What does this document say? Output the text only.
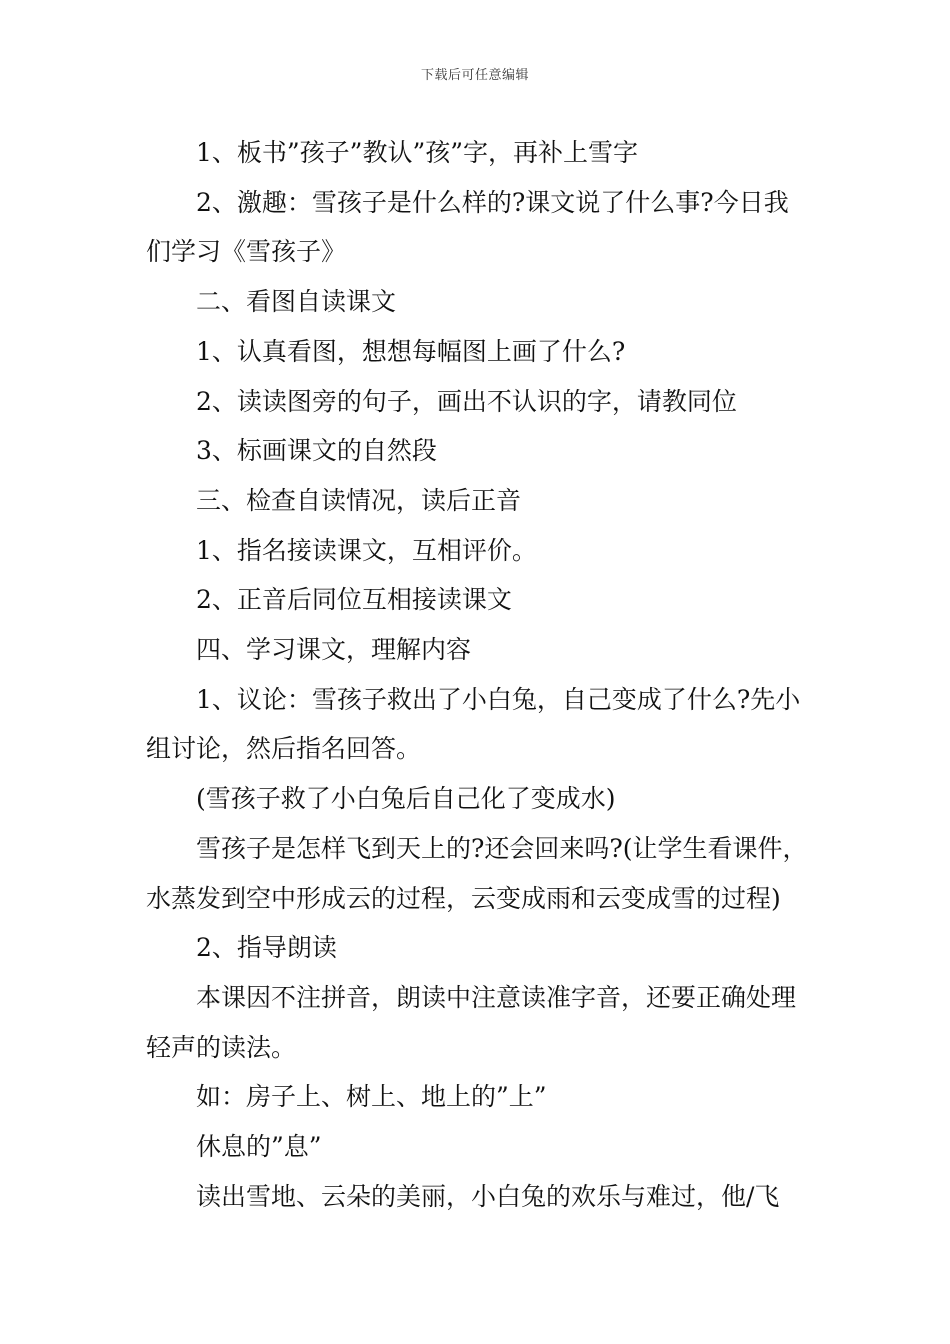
下载后可任意编辑

1、板书”孩子”教认”孩”字，再补上雪字

2、激趣：雪孩子是什么样的?课文说了什么事?今日我们学习《雪孩子》

二、看图自读课文

1、认真看图，想想每幅图上画了什么?

2、读读图旁的句子，画出不认识的字，请教同位

3、标画课文的自然段

三、检查自读情况，读后正音

1、指名接读课文，互相评价。

2、正音后同位互相接读课文

四、学习课文，理解内容

1、议论：雪孩子救出了小白兔，自己变成了什么?先小组讨论，然后指名回答。

(雪孩子救了小白兔后自己化了变成水)

雪孩子是怎样飞到天上的?还会回来吗?(让学生看课件，水蒸发到空中形成云的过程，云变成雨和云变成雪的过程)

2、指导朗读

本课因不注拼音，朗读中注意读准字音，还要正确处理轻声的读法。

如：房子上、树上、地上的”上”

休息的”息”

读出雪地、云朵的美丽，小白兔的欢乐与难过，他/飞
